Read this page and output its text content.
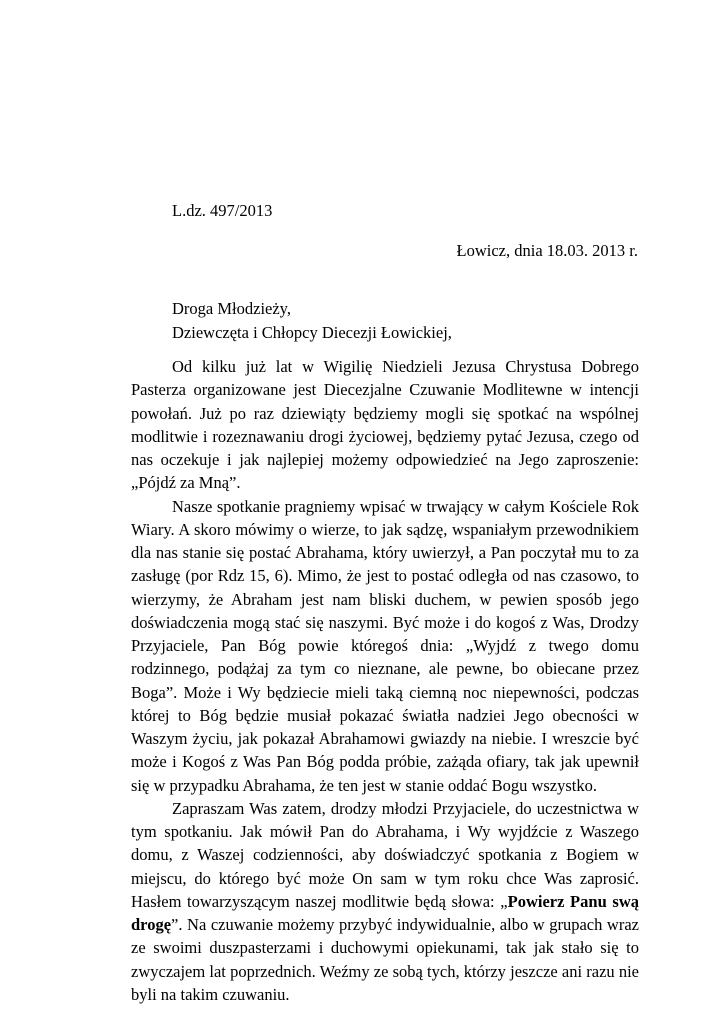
L.dz. 497/2013
Łowicz, dnia 18.03. 2013 r.
Droga Młodzieży,
Dziewczęta i Chłopcy Diecezji Łowickiej,

Od kilku już lat w Wigilię Niedzieli Jezusa Chrystusa Dobrego Pasterza organizowane jest Diecezjalne Czuwanie Modlitewne w intencji powołań. Już po raz dziewiąty będziemy mogli się spotkać na wspólnej modlitwie i rozeznawaniu drogi życiowej, będziemy pytać Jezusa, czego od nas oczekuje i jak najlepiej możemy odpowiedzieć na Jego zaproszenie: „Pójdź za Mną”.

Nasze spotkanie pragniemy wpisać w trwający w całym Kościele Rok Wiary. A skoro mówimy o wierze, to jak sądzę, wspaniałym przewodnikiem dla nas stanie się postać Abrahama, który uwierzył, a Pan poczytał mu to za zasługę (por Rdz 15, 6). Mimo, że jest to postać odległa od nas czasowo, to wierzymy, że Abraham jest nam bliski duchem, w pewien sposób jego doświadczenia mogą stać się naszymi. Być może i do kogoś z Was, Drodzy Przyjaciele, Pan Bóg powie któregoś dnia: „Wyjdź z twego domu rodzinnego, podążaj za tym co nieznane, ale pewne, bo obiecane przez Boga”. Może i Wy będziecie mieli taką ciemną noc niepewności, podczas której to Bóg będzie musiał pokazać światła nadziei Jego obecności w Waszym życiu, jak pokazał Abrahamowi gwiazdy na niebie. I wreszcie być może i Kogoś z Was Pan Bóg podda próbie, zażąda ofiary, tak jak upewnił się w przypadku Abrahama, że ten jest w stanie oddać Bogu wszystko.

Zapraszam Was zatem, drodzy młodzi Przyjaciele, do uczestnictwa w tym spotkaniu. Jak mówił Pan do Abrahama, i Wy wyjdźcie z Waszego domu, z Waszej codzienności, aby doświadczyć spotkania z Bogiem w miejscu, do którego być może On sam w tym roku chce Was zaprosić. Hasłem towarzyszącym naszej modlitwie będą słowa: „Powierz Panu swą drogę”. Na czuwanie możemy przybyć indywidualnie, albo w grupach wraz ze swoimi duszpasterzami i duchowymi opiekunami, tak jak stało się to zwyczajem lat poprzednich. Weźmy ze sobą tych, którzy jeszcze ani razu nie byli na takim czuwaniu.
